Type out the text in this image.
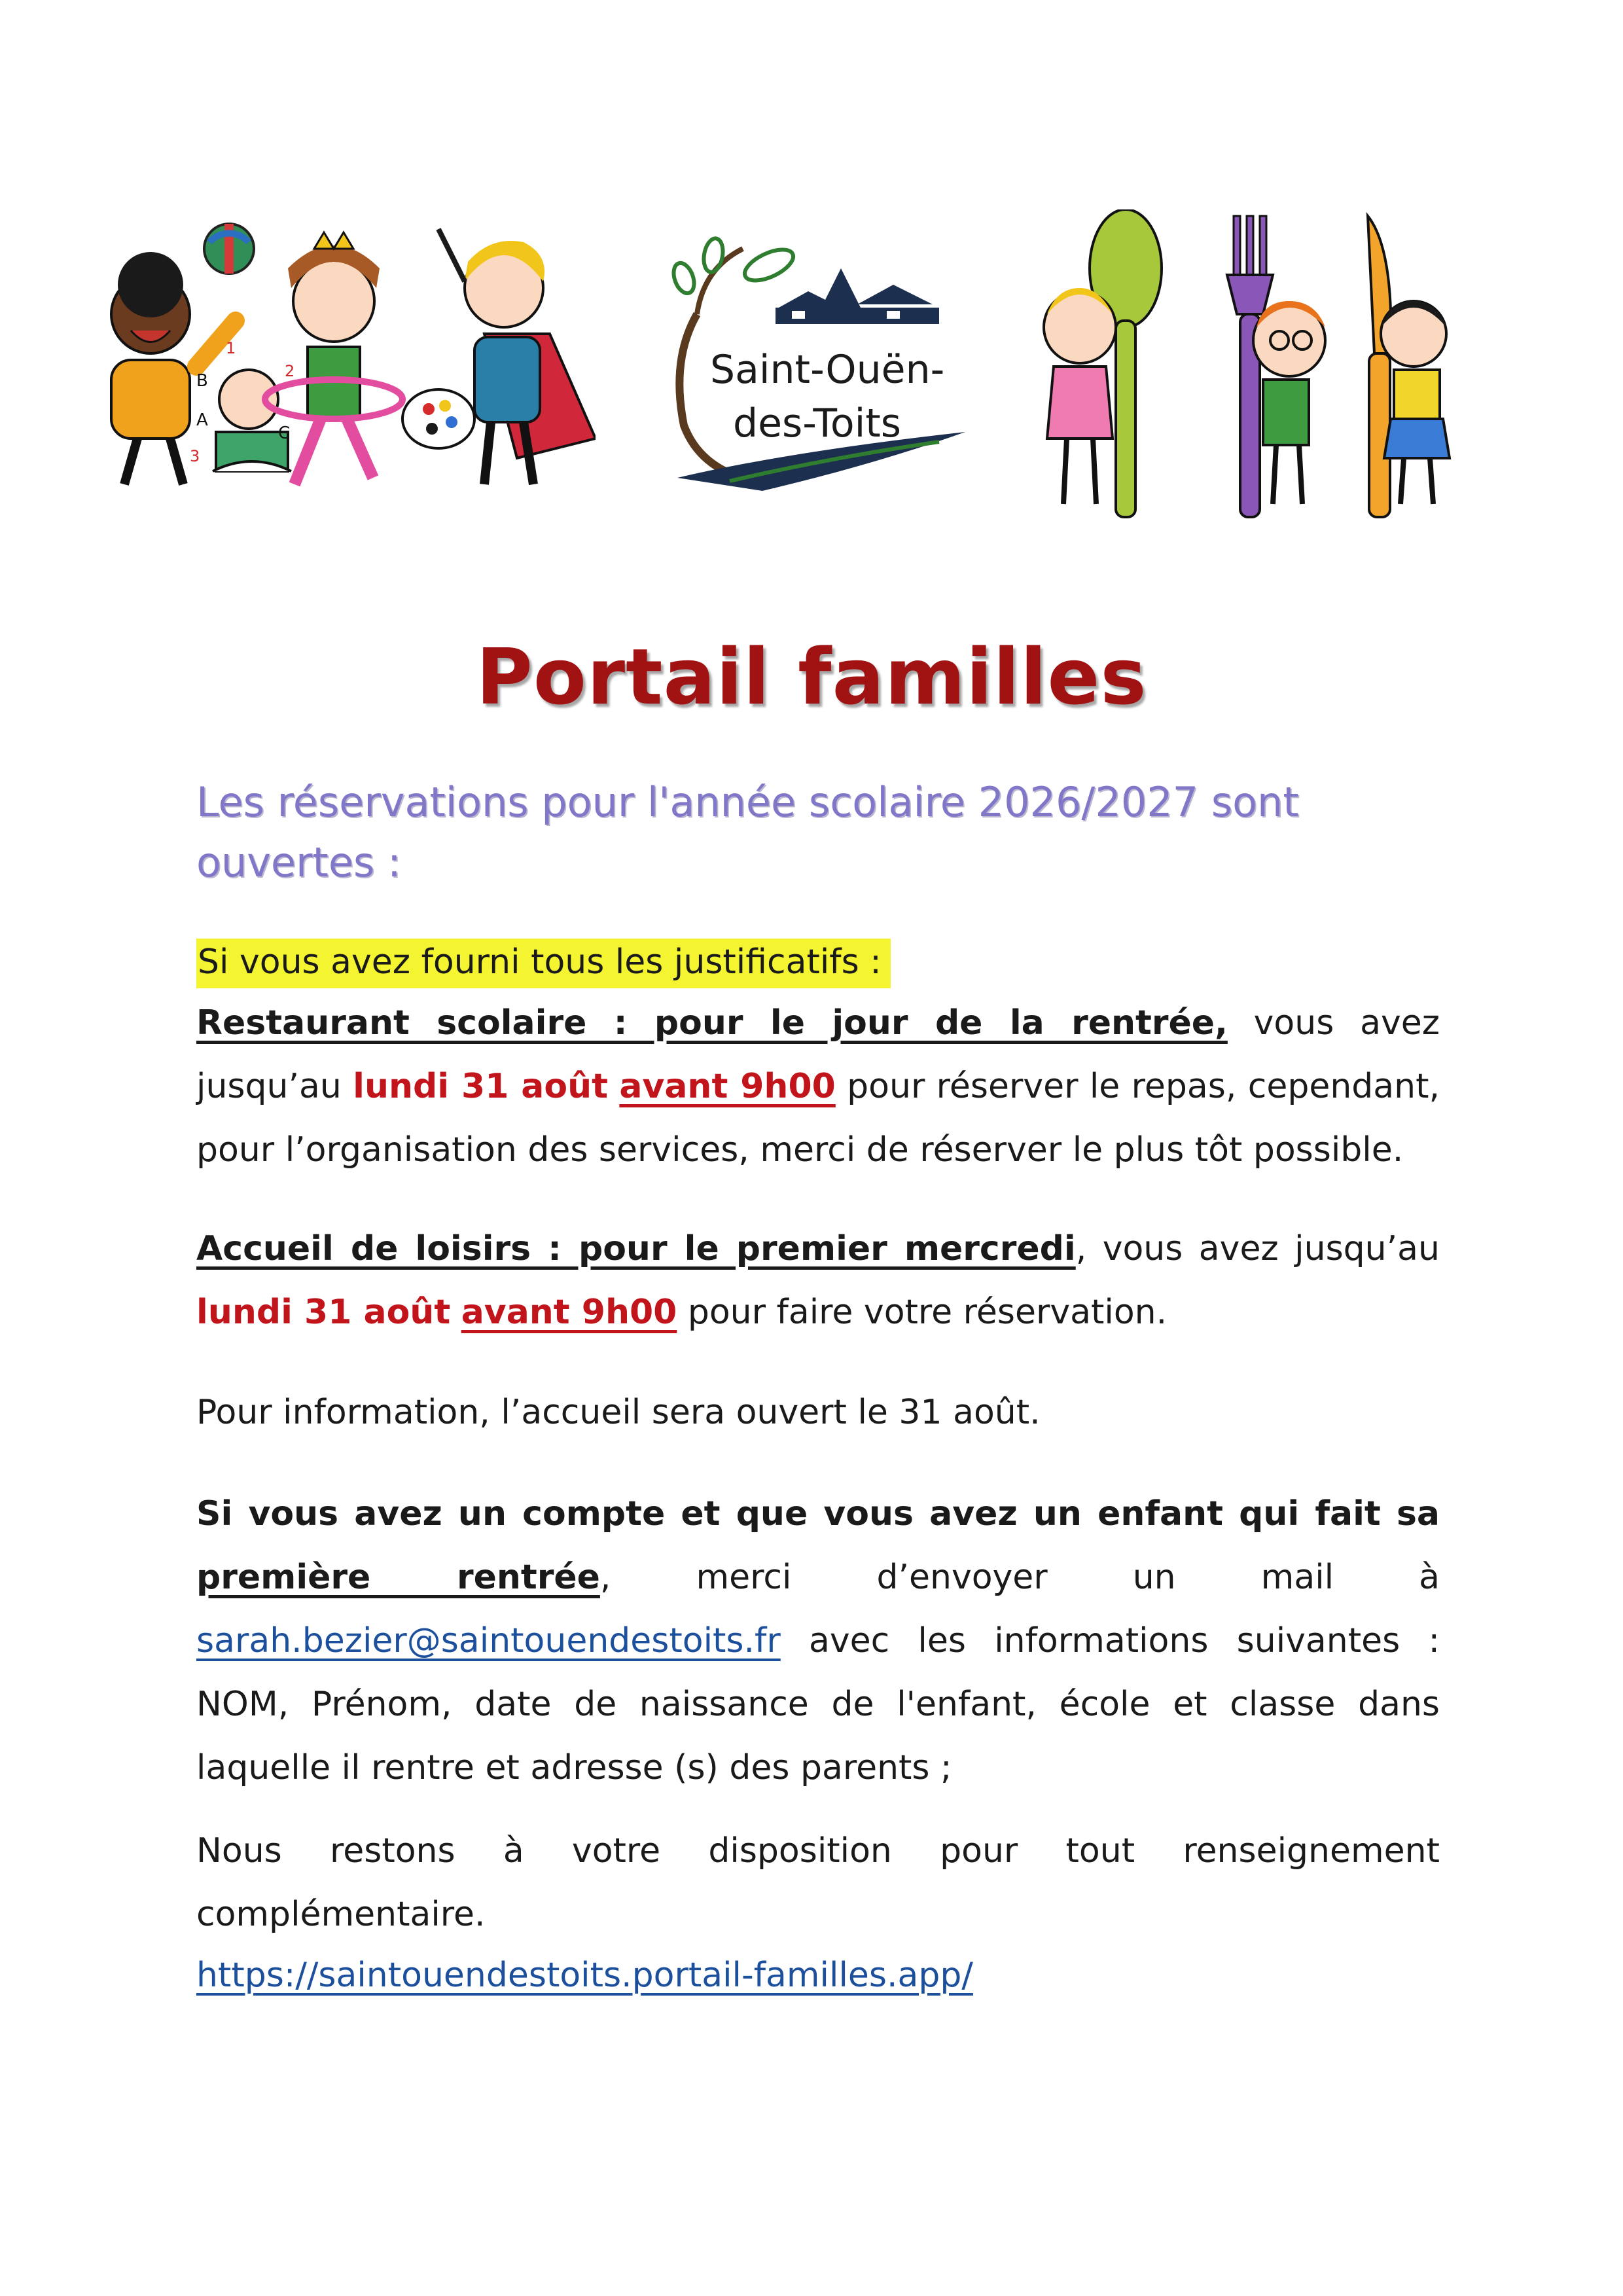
B
A
C
1
2
3
Saint-Ouën-
des-Toits
Portail familles
Les réservations pour l'année scolaire 2026/2027 sont ouvertes :
Si vous avez fourni tous les justificatifs :
Restaurant scolaire : pour le jour de la rentrée, vous avez jusqu’au lundi 31 août avant 9h00 pour réserver le repas, cependant, pour l’organisation des services, merci de réserver le plus tôt possible.
Accueil de loisirs : pour le premier mercredi, vous avez jusqu’au lundi 31 août avant 9h00 pour faire votre réservation.
Pour information, l’accueil sera ouvert le 31 août.
Si vous avez un compte et que vous avez un enfant qui fait sa première rentrée, merci d’envoyer un mail à sarah.bezier@saintouendestoits.fr avec les informations suivantes : NOM, Prénom, date de naissance de l'enfant, école et classe dans laquelle il rentre et adresse (s) des parents ;
Nous restons à votre disposition pour tout renseignement complémentaire.
https://saintouendestoits.portail-familles.app/
